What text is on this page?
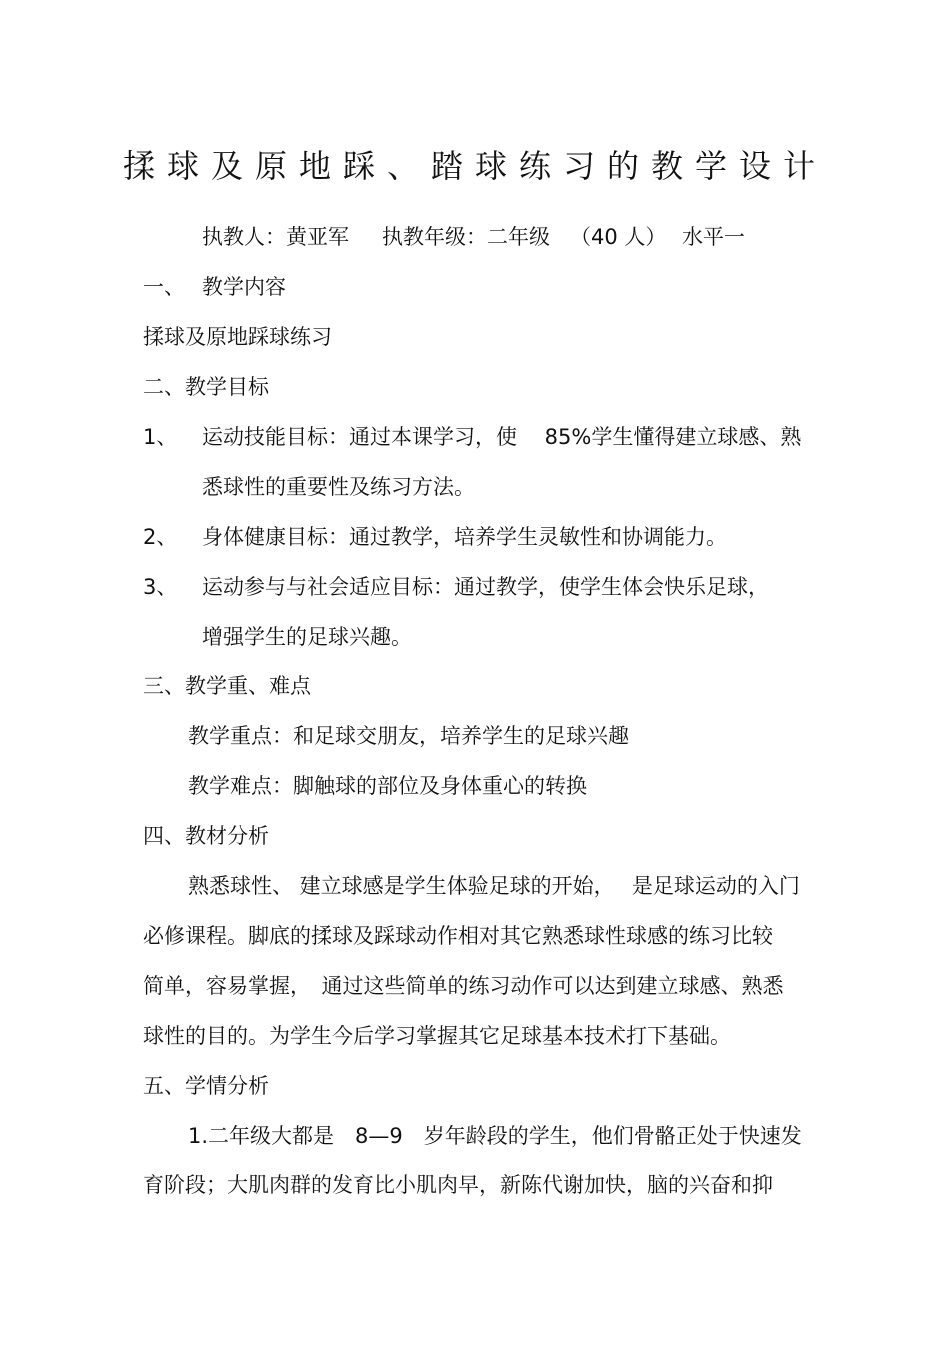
揉球及原地踩、踏球练习的教学设计
执教人：黄亚军 执教年级：二年级 （40 人） 水平一
一、 教学内容
揉球及原地踩球练习
二、教学目标
1、 运动技能目标：通过本课学习，使　 85%学生懂得建立球感、熟
悉球性的重要性及练习方法。
2、 身体健康目标：通过教学，培养学生灵敏性和协调能力。
3、 运动参与与社会适应目标：通过教学，使学生体会快乐足球，
增强学生的足球兴趣。
三、教学重、难点
教学重点：和足球交朋友，培养学生的足球兴趣
教学难点：脚触球的部位及身体重心的转换
四、教材分析
熟悉球性、 建立球感是学生体验足球的开始，　 是足球运动的入门
必修课程。脚底的揉球及踩球动作相对其它熟悉球性球感的练习比较
简单，容易掌握，　通过这些简单的练习动作可以达到建立球感、熟悉
球性的目的。为学生今后学习掌握其它足球基本技术打下基础。
五、学情分析
1.二年级大都是　8—9　岁年龄段的学生，他们骨骼正处于快速发
育阶段；大肌肉群的发育比小肌肉早，新陈代谢加快，脑的兴奋和抑
